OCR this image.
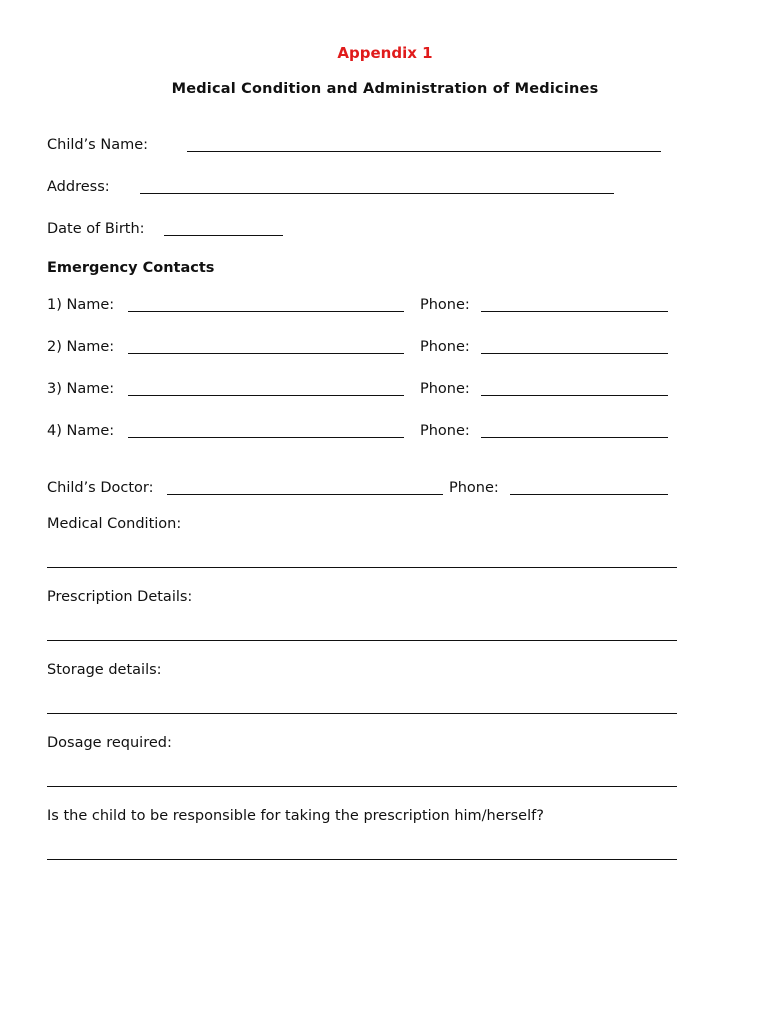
Appendix 1
Medical Condition and Administration of Medicines
Child’s Name:
Address:
Date of Birth:
Emergency Contacts
1) Name:	Phone:
2) Name:	Phone:
3) Name:	Phone:
4) Name:	Phone:
Child’s Doctor:	Phone:
Medical Condition:
Prescription Details:
Storage details:
Dosage required:
Is the child to be responsible for taking the prescription him/herself?
